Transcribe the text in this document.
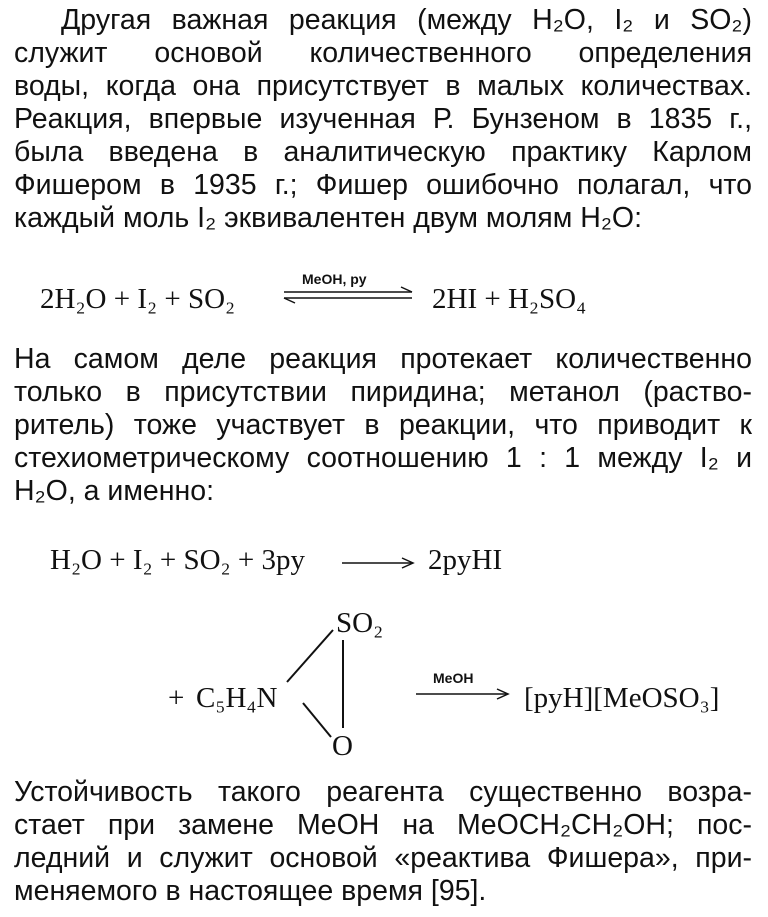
Другая важная реакция (между H₂O, I₂ и SO₂)
служит основой количественного определения
воды, когда она присутствует в малых количествах.
Реакция, впервые изученная Р. Бунзеном в 1835 г.,
была введена в аналитическую практику Карлом
Фишером в 1935 г.; Фишер ошибочно полагал, что
каждый моль I₂ эквивалентен двум молям H₂O:
2H₂O + I₂ + SO₂
MeOH, py
2HI + H₂SO₄
На самом деле реакция протекает количественно
только в присутствии пиридина; метанол (раство-
ритель) тоже участвует в реакции, что приводит к
стехиометрическому соотношению 1 : 1 между I₂ и
H₂O, а именно:
H₂O + I₂ + SO₂ + 3py	2pyHI
SO₂
+ C₅H₄N
O
MeOH
[pyH][MeOSO₃]
Устойчивость такого реагента существенно возра-
стает при замене MeOH на MeOCH₂CH₂OH; пос-
ледний и служит основой «реактива Фишера», при-
меняемого в настоящее время [95].
